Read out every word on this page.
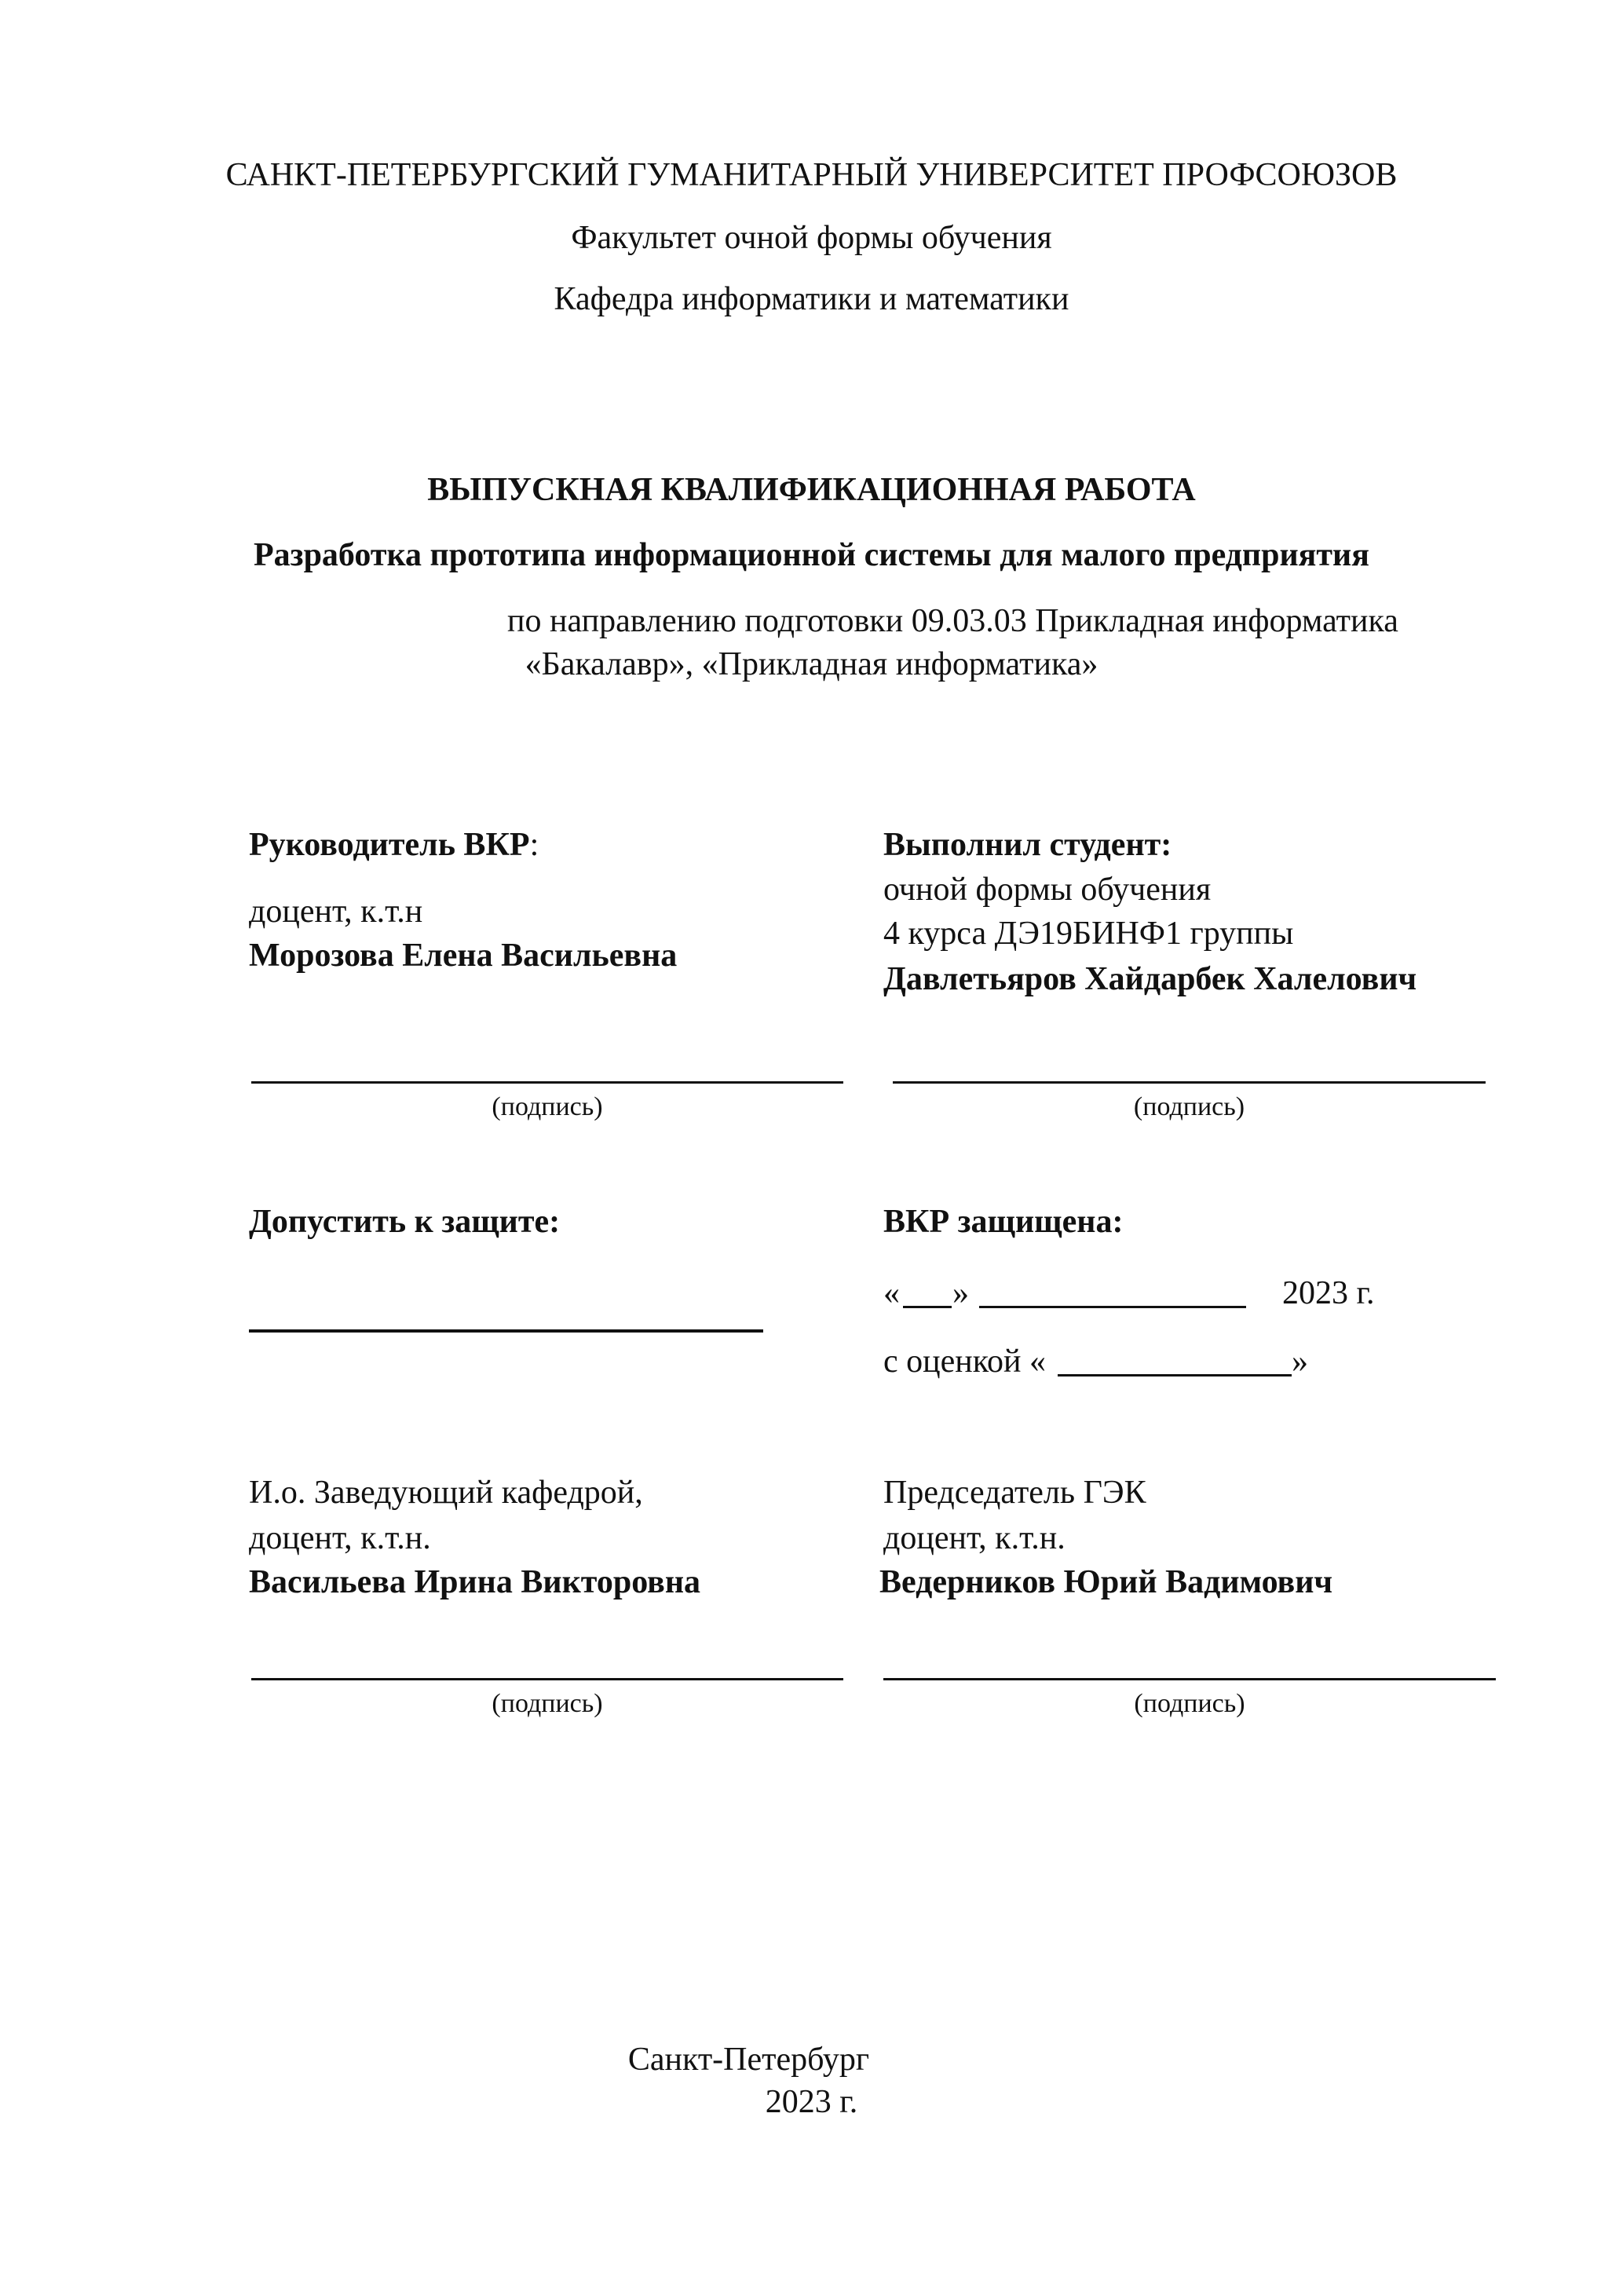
САНКТ-ПЕТЕРБУРГСКИЙ ГУМАНИТАРНЫЙ УНИВЕРСИТЕТ ПРОФСОЮЗОВ
Факультет очной формы обучения
Кафедра информатики и математики
ВЫПУСКНАЯ КВАЛИФИКАЦИОННАЯ РАБОТА
Разработка прототипа информационной системы для малого предприятия
по направлению подготовки 09.03.03 Прикладная информатика
«Бакалавр», «Прикладная информатика»
Руководитель ВКР:
доцент, к.т.н
Морозова Елена Васильевна
(подпись)
Выполнил студент:
очной формы обучения
4 курса ДЭ19БИНФ1 группы
Давлетьяров Хайдарбек Халелович
(подпись)
Допустить к защите:	ВКР защищена:
« »	2023 г.
с оценкой «	»
И.о. Заведующий кафедрой,
доцент, к.т.н.
Васильева Ирина Викторовна
(подпись)
Председатель ГЭК
доцент, к.т.н.
Ведерников Юрий Вадимович
(подпись)
Санкт-Петербург
2023 г.
